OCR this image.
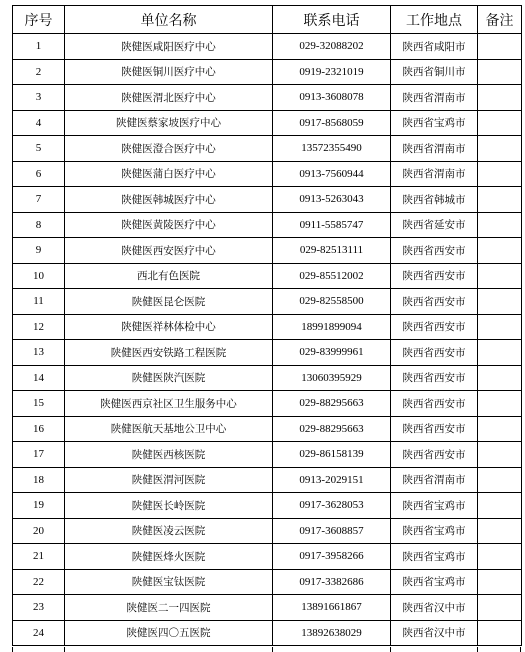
序号	单位名称	联系电话	工作地点	备注
1	陕健医咸阳医疗中心	029-32088202	陕西省咸阳市	
2	陕健医铜川医疗中心	0919-2321019	陕西省铜川市	
3	陕健医渭北医疗中心	0913-3608078	陕西省渭南市	
4	陕健医蔡家坡医疗中心	0917-8568059	陕西省宝鸡市	
5	陕健医澄合医疗中心	13572355490	陕西省渭南市	
6	陕健医蒲白医疗中心	0913-7560944	陕西省渭南市	
7	陕健医韩城医疗中心	0913-5263043	陕西省韩城市	
8	陕健医黄陵医疗中心	0911-5585747	陕西省延安市	
9	陕健医西安医疗中心	029-82513111	陕西省西安市	
10	西北有色医院	029-85512002	陕西省西安市	
11	陕健医昆仑医院	029-82558500	陕西省西安市	
12	陕健医祥林体检中心	18991899094	陕西省西安市	
13	陕健医西安铁路工程医院	029-83999961	陕西省西安市	
14	陕健医陕汽医院	13060395929	陕西省西安市	
15	陕健医西京社区卫生服务中心	029-88295663	陕西省西安市	
16	陕健医航天基地公卫中心	029-88295663	陕西省西安市	
17	陕健医西核医院	029-86158139	陕西省西安市	
18	陕健医渭河医院	0913-2029151	陕西省渭南市	
19	陕健医长岭医院	0917-3628053	陕西省宝鸡市	
20	陕健医凌云医院	0917-3608857	陕西省宝鸡市	
21	陕健医烽火医院	0917-3958266	陕西省宝鸡市	
22	陕健医宝钛医院	0917-3382686	陕西省宝鸡市	
23	陕健医二一四医院	13891661867	陕西省汉中市	
24	陕健医四〇五医院	13892638029	陕西省汉中市	
